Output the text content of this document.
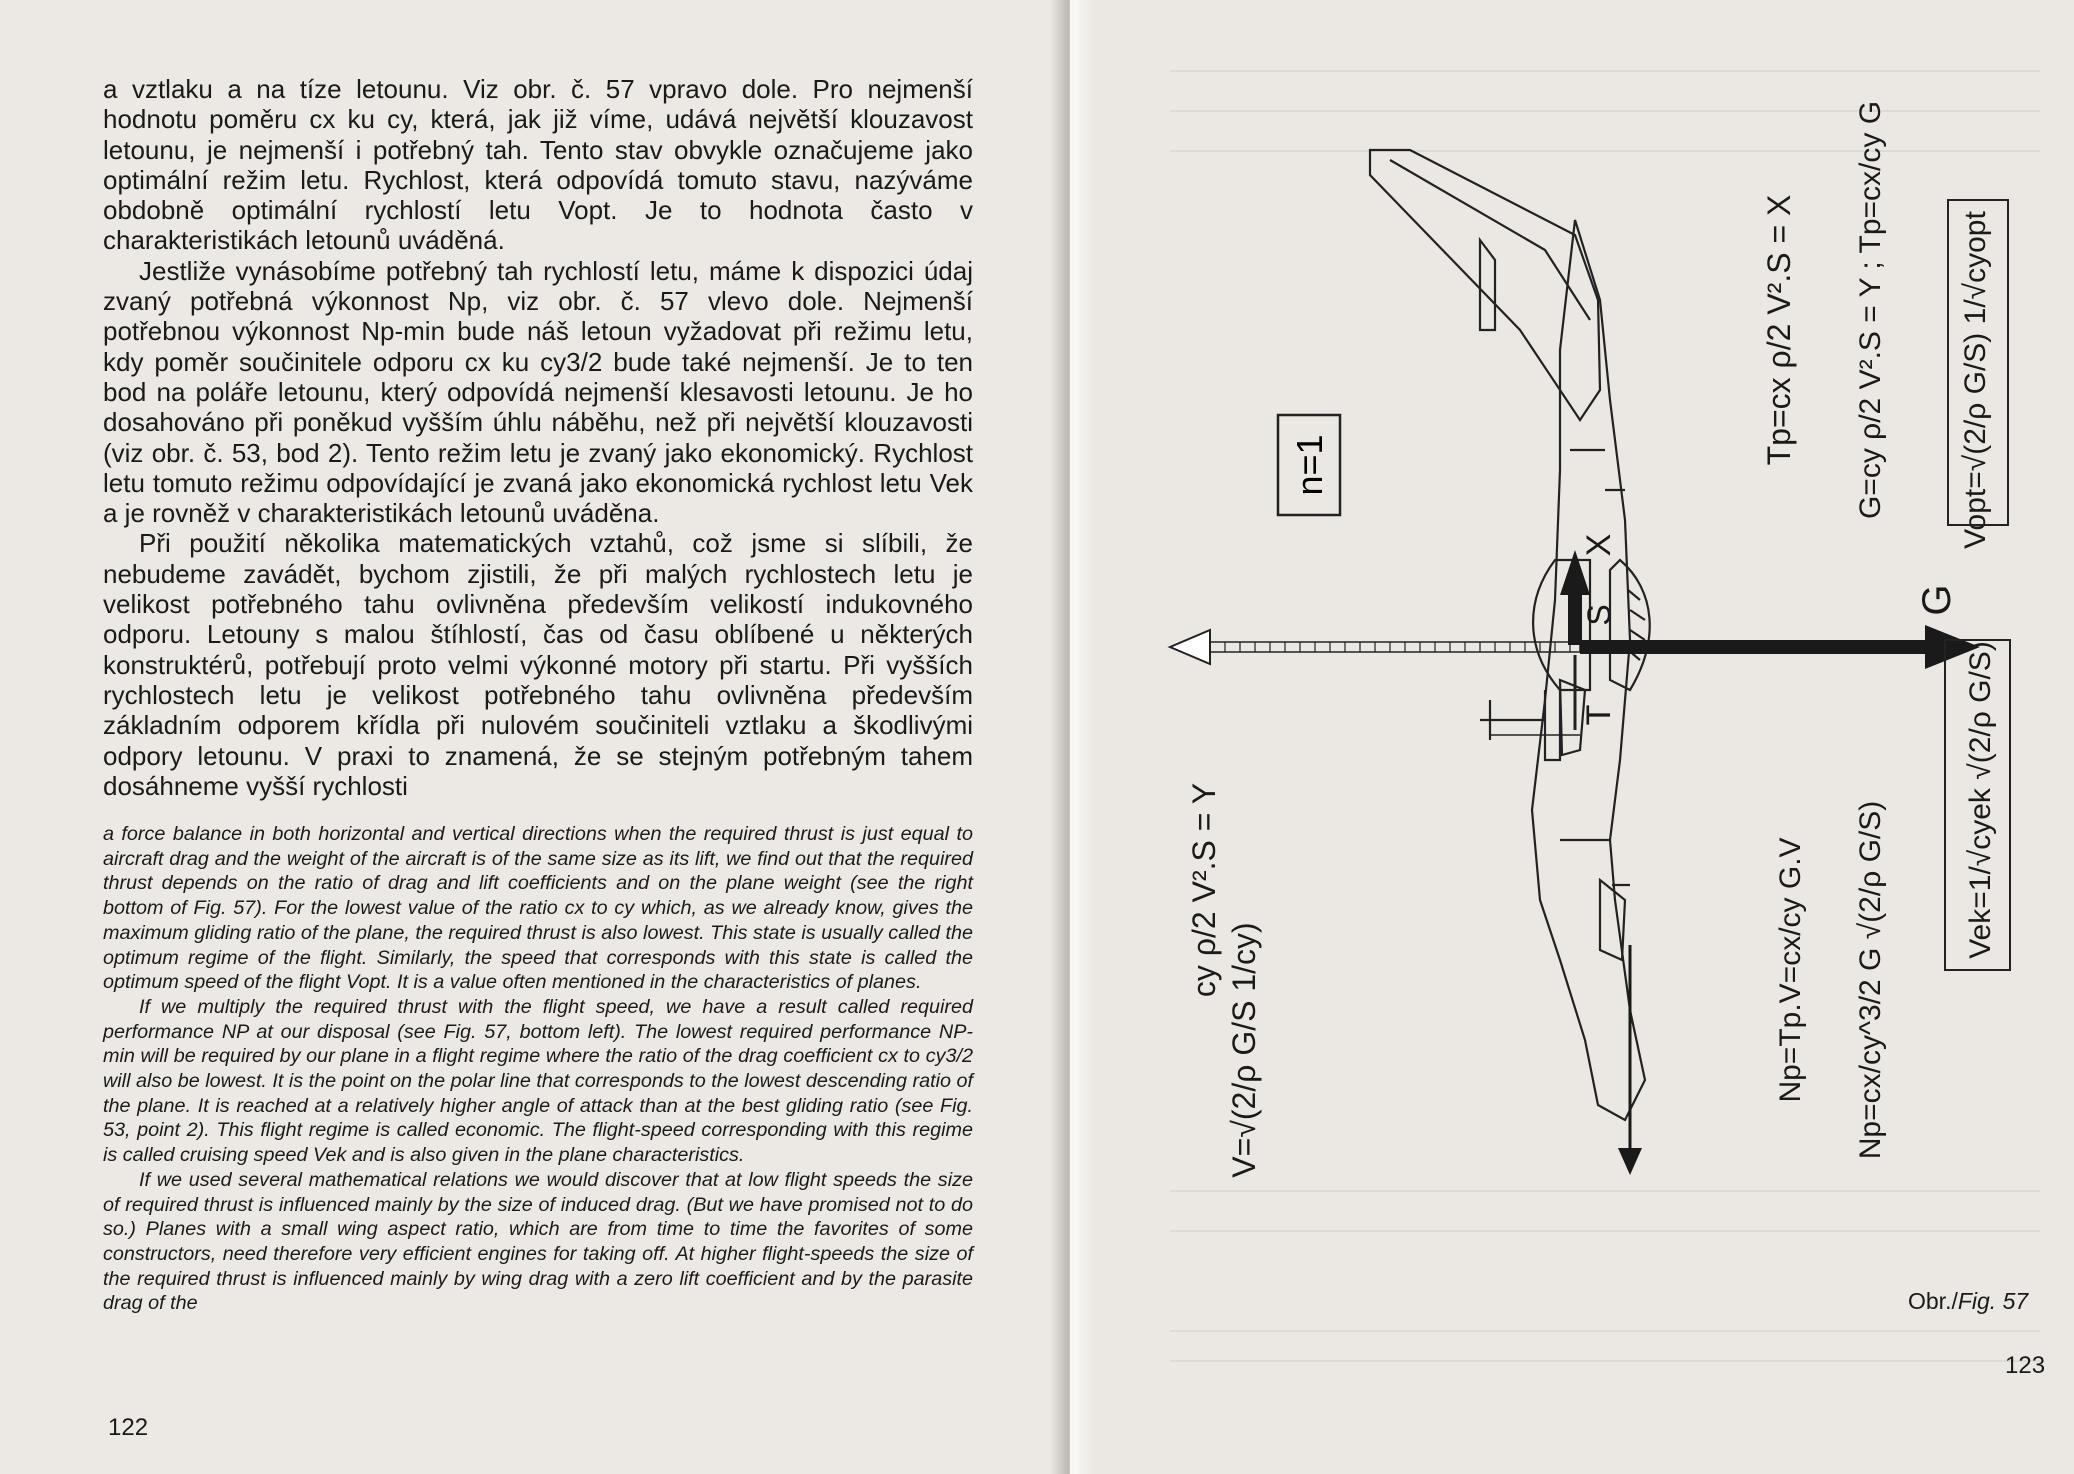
a vztlaku a na tíze letounu. Viz obr. č. 57 vpravo dole. Pro nejmenší hodnotu poměru cx ku cy, která, jak již víme, udává největší klouzavost letounu, je nejmenší i potřebný tah. Tento stav obvykle označujeme jako optimální režim letu. Rychlost, která odpovídá tomuto stavu, nazýváme obdobně optimální rychlostí letu Vopt. Je to hodnota často v charakteristikách letounů uváděná.

Jestliže vynásobíme potřebný tah rychlostí letu, máme k dispozici údaj zvaný potřebná výkonnost Np, viz obr. č. 57 vlevo dole. Nejmenší potřebnou výkonnost Np-min bude náš letoun vyžadovat při režimu letu, kdy poměr součinitele odporu cx ku cy3/2 bude také nejmenší. Je to ten bod na poláře letounu, který odpovídá nejmenší klesavosti letounu. Je ho dosahováno při poněkud vyšším úhlu náběhu, než při největší klouzavosti (viz obr. č. 53, bod 2). Tento režim letu je zvaný jako ekonomický. Rychlost letu tomuto režimu odpovídající je zvaná jako ekonomická rychlost letu Vek a je rovněž v charakteristikách letounů uváděna.

Při použití několika matematických vztahů, což jsme si slíbili, že nebudeme zavádět, bychom zjistili, že při malých rychlostech letu je velikost potřebného tahu ovlivněna především velikostí indukovného odporu. Letouny s malou štíhlostí, čas od času oblíbené u některých konstruktérů, potřebují proto velmi výkonné motory při startu. Při vyšších rychlostech letu je velikost potřebného tahu ovlivněna především základním odporem křídla při nulovém součiniteli vztlaku a škodlivými odpory letounu. V praxi to znamená, že se stejným potřebným tahem dosáhneme vyšší rychlosti

a force balance in both horizontal and vertical directions when the required thrust is just equal to aircraft drag and the weight of the aircraft is of the same size as its lift, we find out that the required thrust depends on the ratio of drag and lift coefficients and on the plane weight (see the right bottom of Fig. 57). For the lowest value of the ratio cx to cy which, as we already know, gives the maximum gliding ratio of the plane, the required thrust is also lowest. This state is usually called the optimum regime of the flight. Similarly, the speed that corresponds with this state is called the optimum speed of the flight Vopt. It is a value often mentioned in the characteristics of planes.

If we multiply the required thrust with the flight speed, we have a result called required performance NP at our disposal (see Fig. 57, bottom left). The lowest required performance NP-min will be required by our plane in a flight regime where the ratio of the drag coefficient cx to cy3/2 will also be lowest. It is the point on the polar line that corresponds to the lowest descending ratio of the plane. It is reached at a relatively higher angle of attack than at the best gliding ratio (see Fig. 53, point 2). This flight regime is called economic. The flight-speed corresponding with this regime is called cruising speed Vek and is also given in the plane characteristics.

If we used several mathematical relations we would discover that at low flight speeds the size of required thrust is influenced mainly by the size of induced drag. (But we have promised not to do so.) Planes with a small wing aspect ratio, which are from time to time the favorites of some constructors, need therefore very efficient engines for taking off. At higher flight-speeds the size of the required thrust is influenced mainly by wing drag with a zero lift coefficient and by the parasite drag of the

122
123
Obr./Fig. 57
n=1
G
X
S
T
cy ρ/2 V².S = Y
Tp=cx ρ/2 V².S = X G=cy ρ/2 V².S = Y ; Tp=cx/cy G Vopt=√(2/ρ G/S) 1/√cyopt
V=√(2/ρ G/S 1/cy)	Np=Tp.V=cx/cy G.V Np=cx/cy^3/2 G √(2/ρ G/S)
Vek=1/√cyek √(2/ρ G/S)
